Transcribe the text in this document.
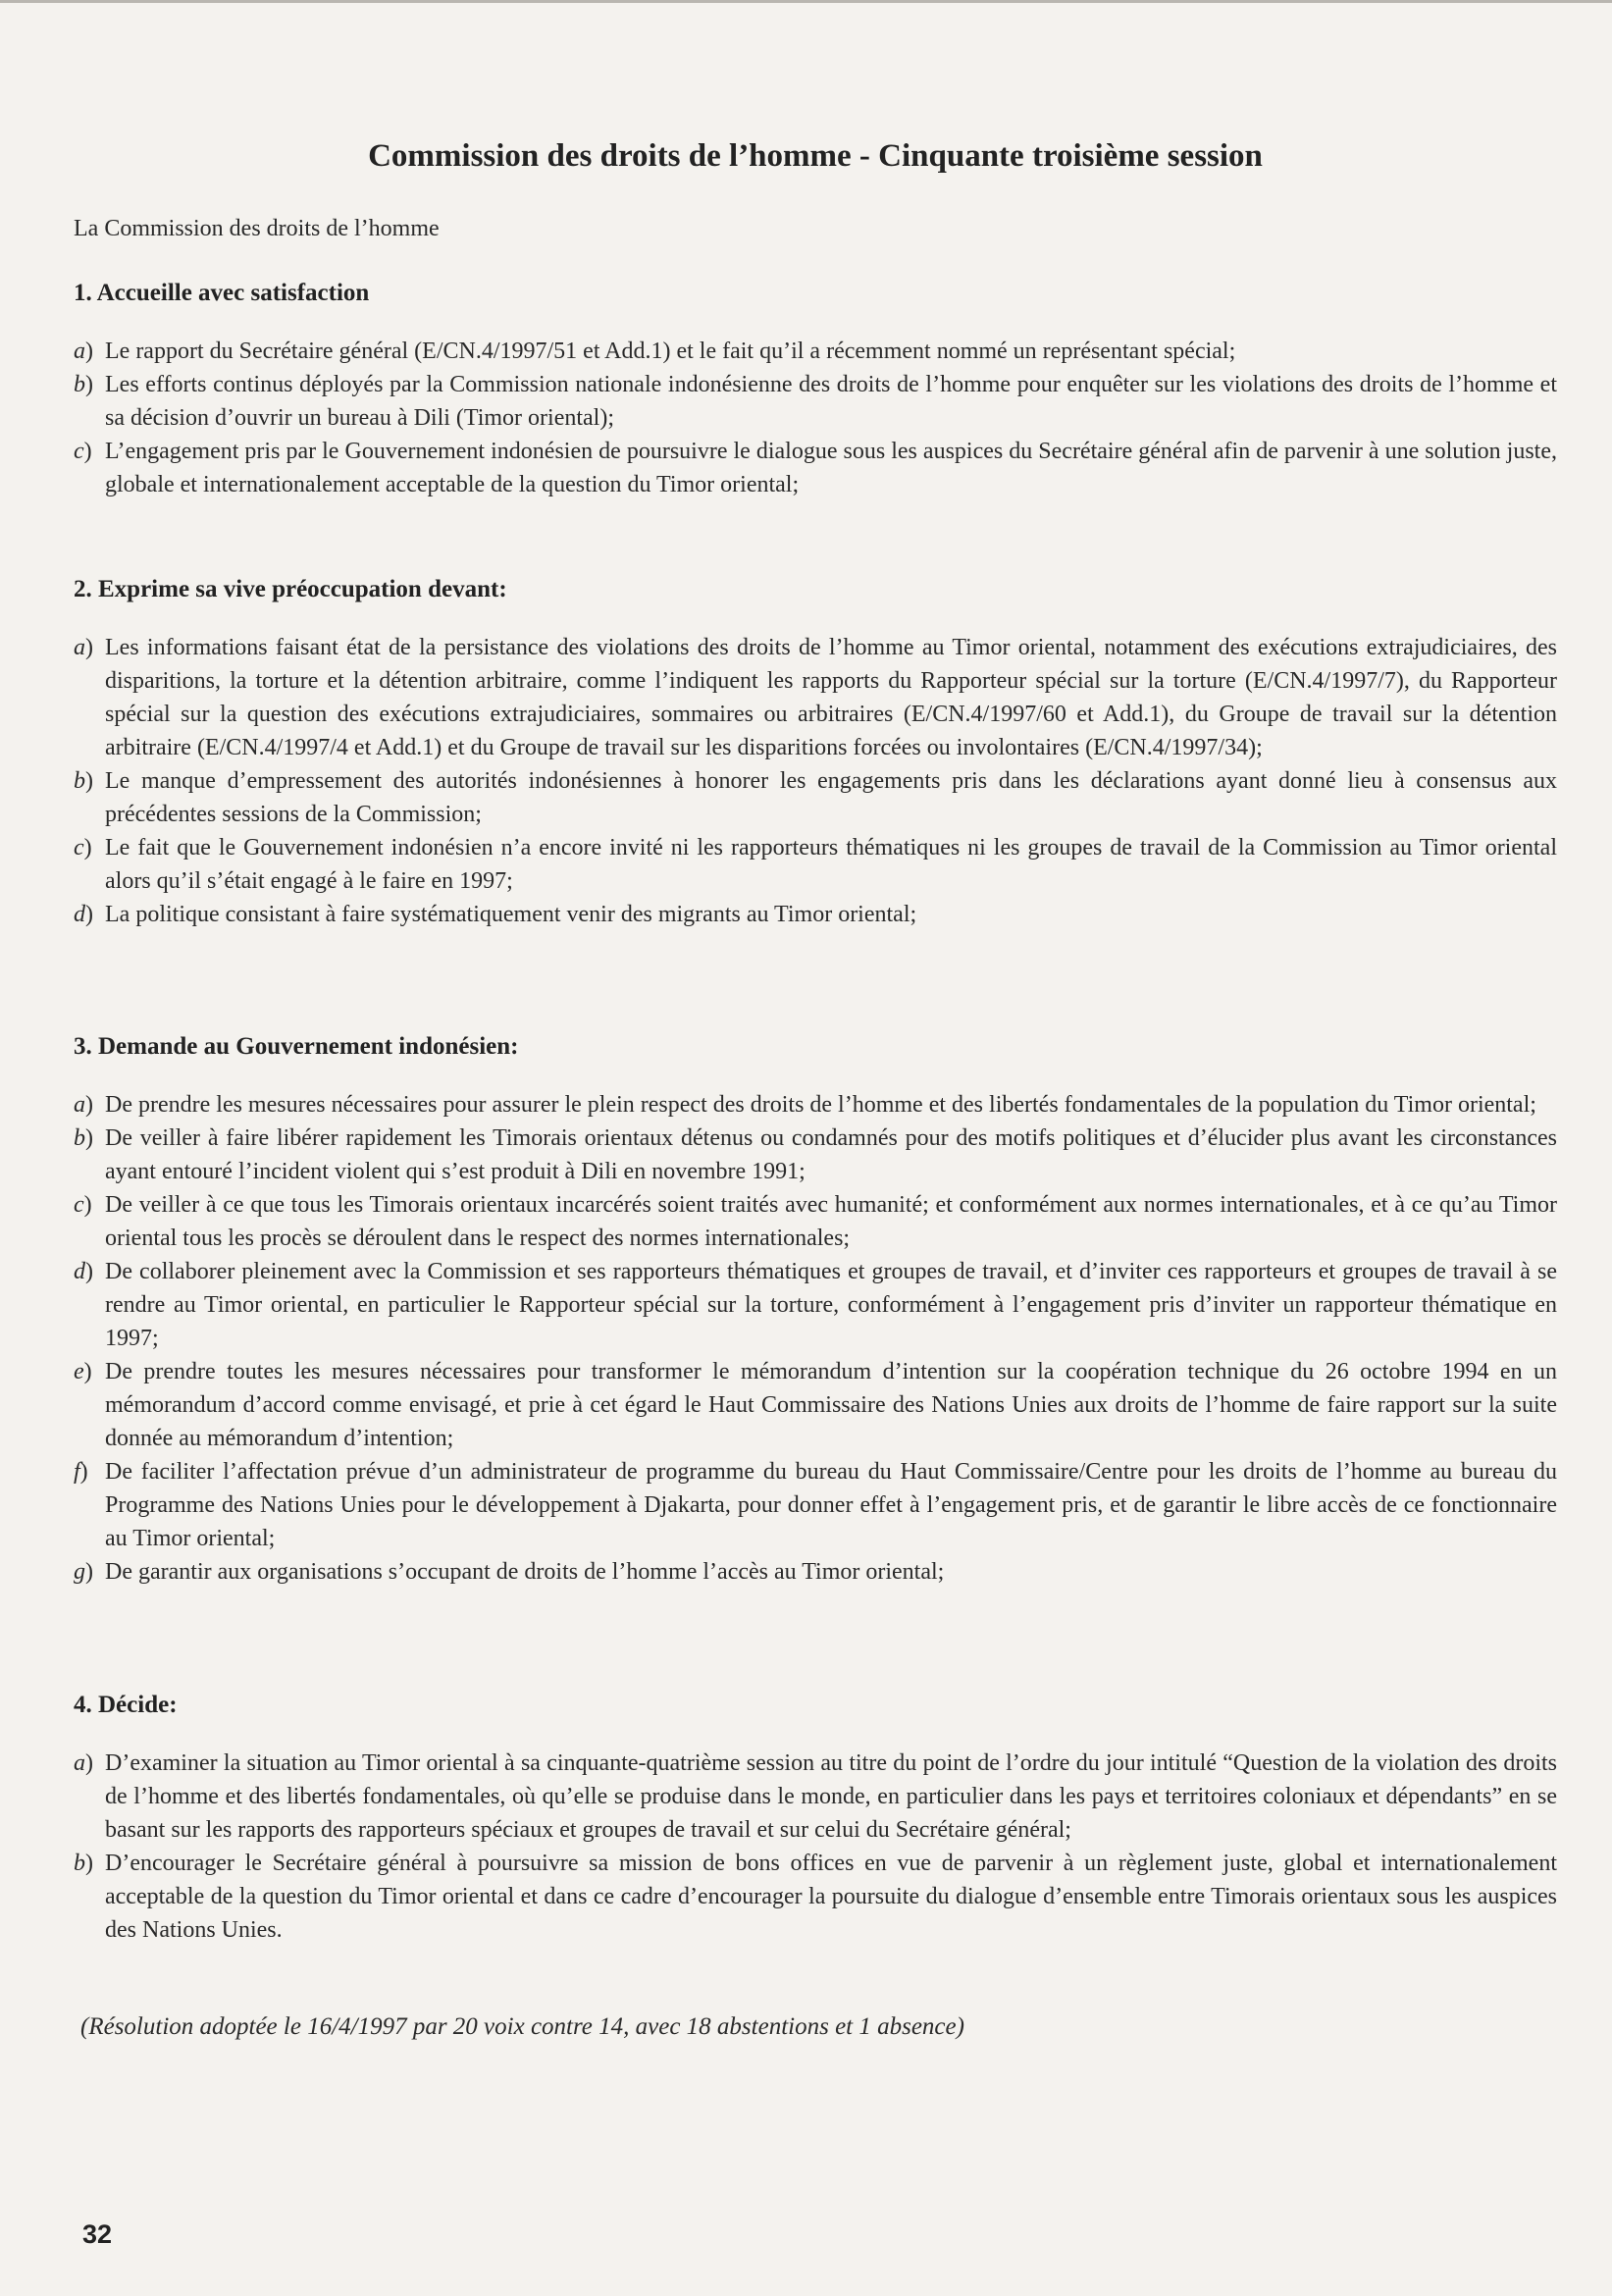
Commission des droits de l’homme - Cinquante troisième session

La Commission des droits de l’homme

1. Accueille avec satisfaction

a) Le rapport du Secrétaire général (E/CN.4/1997/51 et Add.1) et le fait qu’il a récemment nommé un représentant spécial;
b) Les efforts continus déployés par la Commission nationale indonésienne des droits de l’homme pour enquêter sur les violations des droits de l’homme et sa décision d’ouvrir un bureau à Dili (Timor oriental);
c) L’engagement pris par le Gouvernement indonésien de poursuivre le dialogue sous les auspices du Secrétaire général afin de parvenir à une solution juste, globale et internationalement acceptable de la question du Timor oriental;

2. Exprime sa vive préoccupation devant:

a) Les informations faisant état de la persistance des violations des droits de l’homme au Timor oriental, notamment des exécutions extrajudiciaires, des disparitions, la torture et la détention arbitraire, comme l’indiquent les rapports du Rapporteur spécial sur la torture (E/CN.4/1997/7), du Rapporteur spécial sur la question des exécutions extrajudiciaires, sommaires ou arbitraires (E/CN.4/1997/60 et Add.1), du Groupe de travail sur la détention arbitraire (E/CN.4/1997/4 et Add.1) et du Groupe de travail sur les disparitions forcées ou involontaires (E/CN.4/1997/34);
b) Le manque d’empressement des autorités indonésiennes à honorer les engagements pris dans les déclarations ayant donné lieu à consensus aux précédentes sessions de la Commission;
c) Le fait que le Gouvernement indonésien n’a encore invité ni les rapporteurs thématiques ni les groupes de travail de la Commission au Timor oriental alors qu’il s’était engagé à le faire en 1997;
d) La politique consistant à faire systématiquement venir des migrants au Timor oriental;

3. Demande au Gouvernement indonésien:

a) De prendre les mesures nécessaires pour assurer le plein respect des droits de l’homme et des libertés fondamentales de la population du Timor oriental;
b) De veiller à faire libérer rapidement les Timorais orientaux détenus ou condamnés pour des motifs politiques et d’élucider plus avant les circonstances ayant entouré l’incident violent qui s’est produit à Dili en novembre 1991;
c) De veiller à ce que tous les Timorais orientaux incarcérés soient traités avec humanité; et conformément aux normes internationales, et à ce qu’au Timor oriental tous les procès se déroulent dans le respect des normes internationales;
d) De collaborer pleinement avec la Commission et ses rapporteurs thématiques et groupes de travail, et d’inviter ces rapporteurs et groupes de travail à se rendre au Timor oriental, en particulier le Rapporteur spécial sur la torture, conformément à l’engagement pris d’inviter un rapporteur thématique en 1997;
e) De prendre toutes les mesures nécessaires pour transformer le mémorandum d’intention sur la coopération technique du 26 octobre 1994 en un mémorandum d’accord comme envisagé, et prie à cet égard le Haut Commissaire des Nations Unies aux droits de l’homme de faire rapport sur la suite donnée au mémorandum d’intention;
f) De faciliter l’affectation prévue d’un administrateur de programme du bureau du Haut Commissaire/Centre pour les droits de l’homme au bureau du Programme des Nations Unies pour le développement à Djakarta, pour donner effet à l’engagement pris, et de garantir le libre accès de ce fonctionnaire au Timor oriental;
g) De garantir aux organisations s’occupant de droits de l’homme l’accès au Timor oriental;

4. Décide:

a) D’examiner la situation au Timor oriental à sa cinquante-quatrième session au titre du point de l’ordre du jour intitulé “Question de la violation des droits de l’homme et des libertés fondamentales, où qu’elle se produise dans le monde, en particulier dans les pays et territoires coloniaux et dépendants” en se basant sur les rapports des rapporteurs spéciaux et groupes de travail et sur celui du Secrétaire général;
b) D’encourager le Secrétaire général à poursuivre sa mission de bons offices en vue de parvenir à un règlement juste, global et internationalement acceptable de la question du Timor oriental et dans ce cadre d’encourager la poursuite du dialogue d’ensemble entre Timorais orientaux sous les auspices des Nations Unies.

(Résolution adoptée le 16/4/1997 par 20 voix contre 14, avec 18 abstentions et 1 absence)

32
